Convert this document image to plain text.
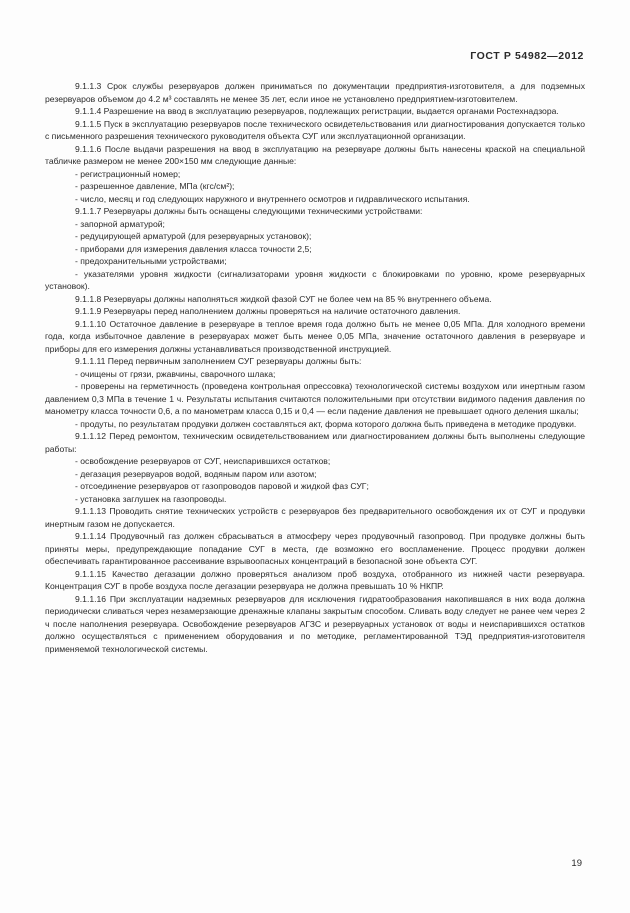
ГОСТ Р 54982—2012

9.1.1.3 Срок службы резервуаров должен приниматься по документации предприятия-изготовителя, а для подземных резервуаров объемом до 4.2 м³ составлять не менее 35 лет, если иное не установлено предприятием-изготовителем.

9.1.1.4 Разрешение на ввод в эксплуатацию резервуаров, подлежащих регистрации, выдается органами Ростехнадзора.

9.1.1.5 Пуск в эксплуатацию резервуаров после технического освидетельствования или диагностирования допускается только с письменного разрешения технического руководителя объекта СУГ или эксплуатационной организации.

9.1.1.6 После выдачи разрешения на ввод в эксплуатацию на резервуаре должны быть нанесены краской на специальной табличке размером не менее 200×150 мм следующие данные:

- регистрационный номер;

- разрешенное давление, МПа (кгс/см²);

- число, месяц и год следующих наружного и внутреннего осмотров и гидравлического испытания.

9.1.1.7 Резервуары должны быть оснащены следующими техническими устройствами:

- запорной арматурой;

- редуцирующей арматурой (для резервуарных установок);

- приборами для измерения давления класса точности 2,5;

- предохранительными устройствами;

- указателями уровня жидкости (сигнализаторами уровня жидкости с блокировками по уровню, кроме резервуарных установок).

9.1.1.8 Резервуары должны наполняться жидкой фазой СУГ не более чем на 85 % внутреннего объема.

9.1.1.9 Резервуары перед наполнением должны проверяться на наличие остаточного давления.

9.1.1.10 Остаточное давление в резервуаре в теплое время года должно быть не менее 0,05 МПа. Для холодного времени года, когда избыточное давление в резервуарах может быть менее 0,05 МПа, значение остаточного давления в резервуаре и приборы для его измерения должны устанавливаться производственной инструкцией.

9.1.1.11 Перед первичным заполнением СУГ резервуары должны быть:

- очищены от грязи, ржавчины, сварочного шлака;

- проверены на герметичность (проведена контрольная опрессовка) технологической системы воздухом или инертным газом давлением 0,3 МПа в течение 1 ч. Результаты испытания считаются положительными при отсутствии видимого падения давления по манометру класса точности 0,6, а по манометрам класса 0,15 и 0,4 — если падение давления не превышает одного деления шкалы;

- продуты, по результатам продувки должен составляться акт, форма которого должна быть приведена в методике продувки.

9.1.1.12 Перед ремонтом, техническим освидетельствованием или диагностированием должны быть выполнены следующие работы:

- освобождение резервуаров от СУГ, неиспарившихся остатков;

- дегазация резервуаров водой, водяным паром или азотом;

- отсоединение резервуаров от газопроводов паровой и жидкой фаз СУГ;

- установка заглушек на газопроводы.

9.1.1.13 Проводить снятие технических устройств с резервуаров без предварительного освобождения их от СУГ и продувки инертным газом не допускается.

9.1.1.14 Продувочный газ должен сбрасываться в атмосферу через продувочный газопровод. При продувке должны быть приняты меры, предупреждающие попадание СУГ в места, где возможно его воспламенение. Процесс продувки должен обеспечивать гарантированное рассеивание взрывоопасных концентраций в безопасной зоне объекта СУГ.

9.1.1.15 Качество дегазации должно проверяться анализом проб воздуха, отобранного из нижней части резервуара. Концентрация СУГ в пробе воздуха после дегазации резервуара не должна превышать 10 % НКПР.

9.1.1.16 При эксплуатации надземных резервуаров для исключения гидратообразования накопившаяся в них вода должна периодически сливаться через незамерзающие дренажные клапаны закрытым способом. Сливать воду следует не ранее чем через 2 ч после наполнения резервуара. Освобождение резервуаров АГЗС и резервуарных установок от воды и неиспарившихся остатков должно осуществляться с применением оборудования и по методике, регламентированной ТЭД предприятия-изготовителя применяемой технологической системы.

19
